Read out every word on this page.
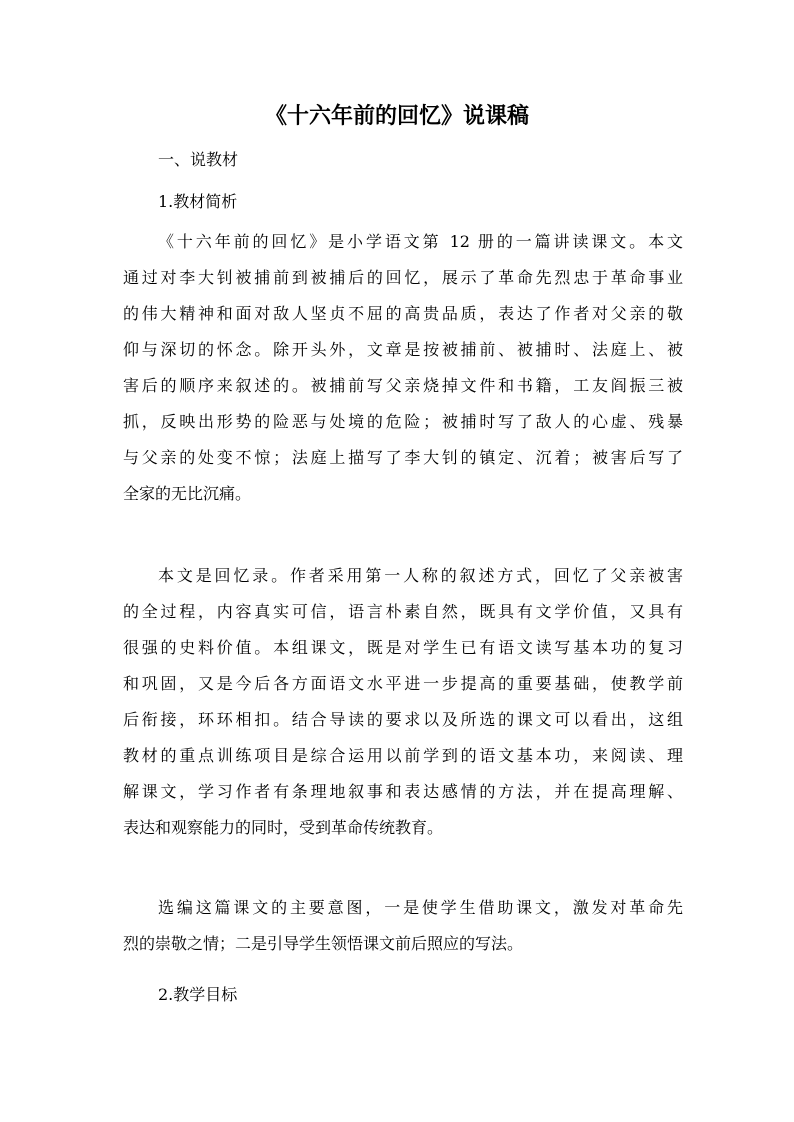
《十六年前的回忆》说课稿
一、说教材
1.教材简析
《十六年前的回忆》是小学语文第 12 册的一篇讲读课文。本文
通过对李大钊被捕前到被捕后的回忆，展示了革命先烈忠于革命事业
的伟大精神和面对敌人坚贞不屈的高贵品质，表达了作者对父亲的敬
仰与深切的怀念。除开头外，文章是按被捕前、被捕时、法庭上、被
害后的顺序来叙述的。被捕前写父亲烧掉文件和书籍，工友阎振三被
抓，反映出形势的险恶与处境的危险；被捕时写了敌人的心虚、残暴
与父亲的处变不惊；法庭上描写了李大钊的镇定、沉着；被害后写了
全家的无比沉痛。
本文是回忆录。作者采用第一人称的叙述方式，回忆了父亲被害
的全过程，内容真实可信，语言朴素自然，既具有文学价值，又具有
很强的史料价值。本组课文，既是对学生已有语文读写基本功的复习
和巩固，又是今后各方面语文水平进一步提高的重要基础，使教学前
后衔接，环环相扣。结合导读的要求以及所选的课文可以看出，这组
教材的重点训练项目是综合运用以前学到的语文基本功，来阅读、理
解课文，学习作者有条理地叙事和表达感情的方法，并在提高理解、
表达和观察能力的同时，受到革命传统教育。
选编这篇课文的主要意图，一是使学生借助课文，激发对革命先
烈的崇敬之情；二是引导学生领悟课文前后照应的写法。
2.教学目标
